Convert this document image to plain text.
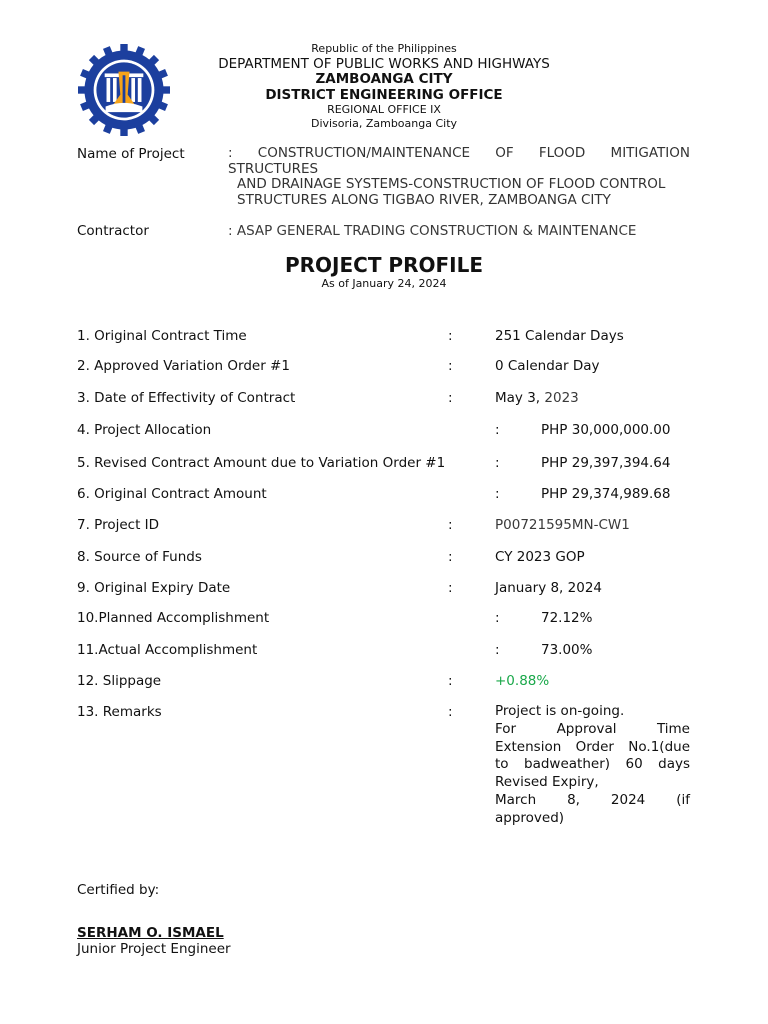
Republic of the Philippines
DEPARTMENT OF PUBLIC WORKS AND HIGHWAYS
ZAMBOANGA CITY
DISTRICT ENGINEERING OFFICE
REGIONAL OFFICE IX
Divisoria, Zamboanga City
Name of Project	: CONSTRUCTION/MAINTENANCE OF FLOOD MITIGATION
STRUCTURES
AND DRAINAGE SYSTEMS-CONSTRUCTION OF FLOOD CONTROL
STRUCTURES ALONG TIGBAO RIVER, ZAMBOANGA CITY
Contractor	: ASAP GENERAL TRADING CONSTRUCTION & MAINTENANCE
PROJECT PROFILE
As of January 24, 2024
1. Original Contract Time	:	251 Calendar Days
2. Approved Variation Order #1	:	0 Calendar Day
3. Date of Effectivity of Contract	:	May 3, 2023
4. Project Allocation	:	PHP 30,000,000.00
5. Revised Contract Amount due to Variation Order #1	:	PHP 29,397,394.64
6. Original Contract Amount	:	PHP 29,374,989.68
7. Project ID	:	P00721595MN-CW1
8. Source of Funds	:	CY 2023 GOP
9. Original Expiry Date	:	January 8, 2024
10.Planned Accomplishment	:	72.12%
11.Actual Accomplishment	:	73.00%
12. Slippage	:	+0.88%
13. Remarks	:	Project is on-going.
For Approval Time
Extension Order No.1(due
to badweather) 60 days
Revised Expiry,
March 8, 2024 (if
approved)
Certified by:
SERHAM O. ISMAEL
Junior Project Engineer
